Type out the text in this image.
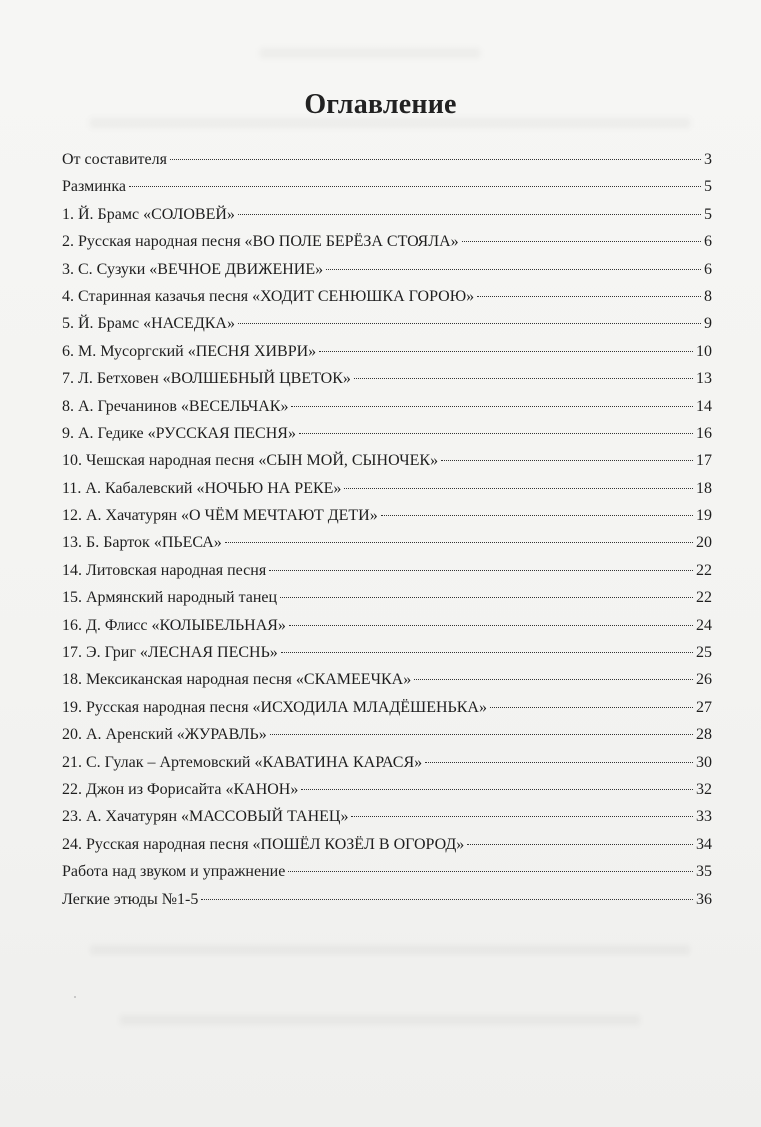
Оглавление
От составителя	3
Разминка	5
1. Й. Брамс «СОЛОВЕЙ»	5
2. Русская народная песня «ВО ПОЛЕ БЕРЁЗА СТОЯЛА»	6
3. С. Сузуки «ВЕЧНОЕ ДВИЖЕНИЕ»	6
4. Старинная казачья песня «ХОДИТ СЕНЮШКА ГОРОЮ»	8
5. Й. Брамс «НАСЕДКА»	9
6. М. Мусоргский «ПЕСНЯ ХИВРИ»	10
7. Л. Бетховен «ВОЛШЕБНЫЙ ЦВЕТОК»	13
8. А. Гречанинов «ВЕСЕЛЬЧАК»	14
9. А. Гедике «РУССКАЯ ПЕСНЯ»	16
10. Чешская народная песня «СЫН МОЙ, СЫНОЧЕК»	17
11. А. Кабалевский «НОЧЬЮ НА РЕКЕ»	18
12. А. Хачатурян «О ЧЁМ МЕЧТАЮТ ДЕТИ»	19
13. Б. Барток «ПЬЕСА»	20
14. Литовская народная песня	22
15. Армянский народный танец	22
16. Д. Флисс «КОЛЫБЕЛЬНАЯ»	24
17. Э. Григ «ЛЕСНАЯ ПЕСНЬ»	25
18. Мексиканская народная песня «СКАМЕЕЧКА»	26
19. Русская народная песня «ИСХОДИЛА МЛАДЁШЕНЬКА»	27
20. А. Аренский «ЖУРАВЛЬ»	28
21. С. Гулак – Артемовский «КАВАТИНА КАРАСЯ»	30
22. Джон из Форисайта «КАНОН»	32
23. А. Хачатурян «МАССОВЫЙ ТАНЕЦ»	33
24. Русская народная песня «ПОШЁЛ КОЗЁЛ В ОГОРОД»	34
Работа над звуком и упражнение	35
Легкие этюды №1-5	36
